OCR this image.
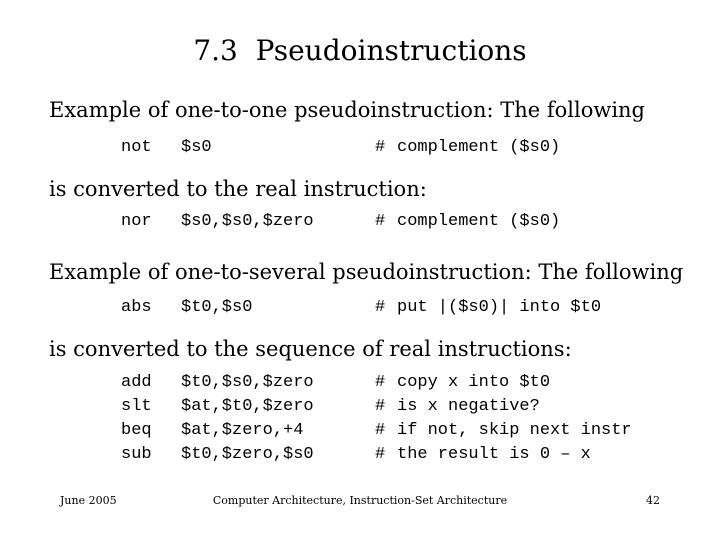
7.3  Pseudoinstructions
Example of one-to-one pseudoinstruction: The following
not $s0	# complement ($s0)
is converted to the real instruction:
nor $s0,$s0,$zero	# complement ($s0)
Example of one-to-several pseudoinstruction: The following
abs $t0,$s0	# put |($s0)| into $t0
is converted to the sequence of real instructions:
add $t0,$s0,$zero	# copy x into $t0
slt $at,$t0,$zero	# is x negative?
beq $at,$zero,+4	# if not, skip next instr
sub $t0,$zero,$s0	# the result is 0 – x
June 2005	Computer Architecture, Instruction-Set Architecture	42
